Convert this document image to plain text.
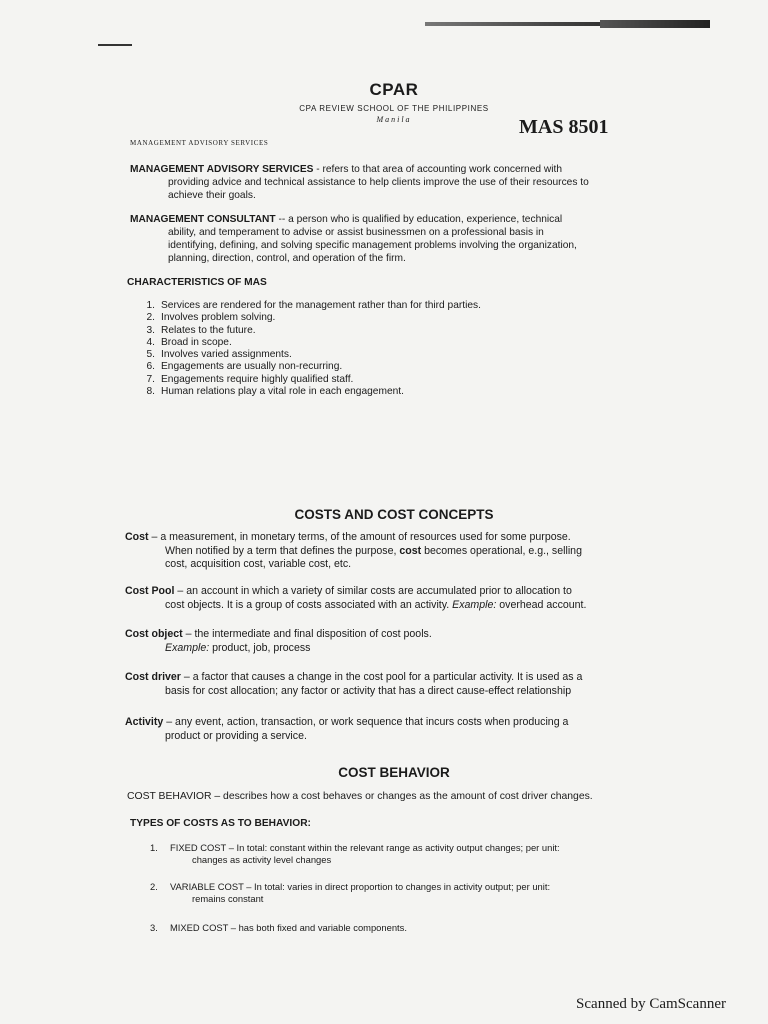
CPAR
CPA REVIEW SCHOOL OF THE PHILIPPINES
Manila	MAS 8501
MANAGEMENT ADVISORY SERVICES
MANAGEMENT ADVISORY SERVICES - refers to that area of accounting work concerned with
providing advice and technical assistance to help clients improve the use of their resources to
achieve their goals.
MANAGEMENT CONSULTANT -- a person who is qualified by education, experience, technical
ability, and temperament to advise or assist businessmen on a professional basis in
identifying, defining, and solving specific management problems involving the organization,
planning, direction, control, and operation of the firm.
CHARACTERISTICS OF MAS
1. Services are rendered for the management rather than for third parties.
2. Involves problem solving.
3. Relates to the future.
4. Broad in scope.
5. Involves varied assignments.
6. Engagements are usually non-recurring.
7. Engagements require highly qualified staff.
8. Human relations play a vital role in each engagement.
COSTS AND COST CONCEPTS
Cost – a measurement, in monetary terms, of the amount of resources used for some purpose.
When notified by a term that defines the purpose, cost becomes operational, e.g., selling
cost, acquisition cost, variable cost, etc.
Cost Pool – an account in which a variety of similar costs are accumulated prior to allocation to
cost objects. It is a group of costs associated with an activity. Example: overhead account.
Cost object – the intermediate and final disposition of cost pools.
Example: product, job, process
Cost driver – a factor that causes a change in the cost pool for a particular activity. It is used as a
basis for cost allocation; any factor or activity that has a direct cause-effect relationship
Activity – any event, action, transaction, or work sequence that incurs costs when producing a
product or providing a service.
COST BEHAVIOR
COST BEHAVIOR – describes how a cost behaves or changes as the amount of cost driver changes.
TYPES OF COSTS AS TO BEHAVIOR:
1.	FIXED COST – In total: constant within the relevant range as activity output changes; per unit:
changes as activity level changes
2.	VARIABLE COST – In total: varies in direct proportion to changes in activity output; per unit:
remains constant
3.	MIXED COST – has both fixed and variable components.
Scanned by CamScanner
